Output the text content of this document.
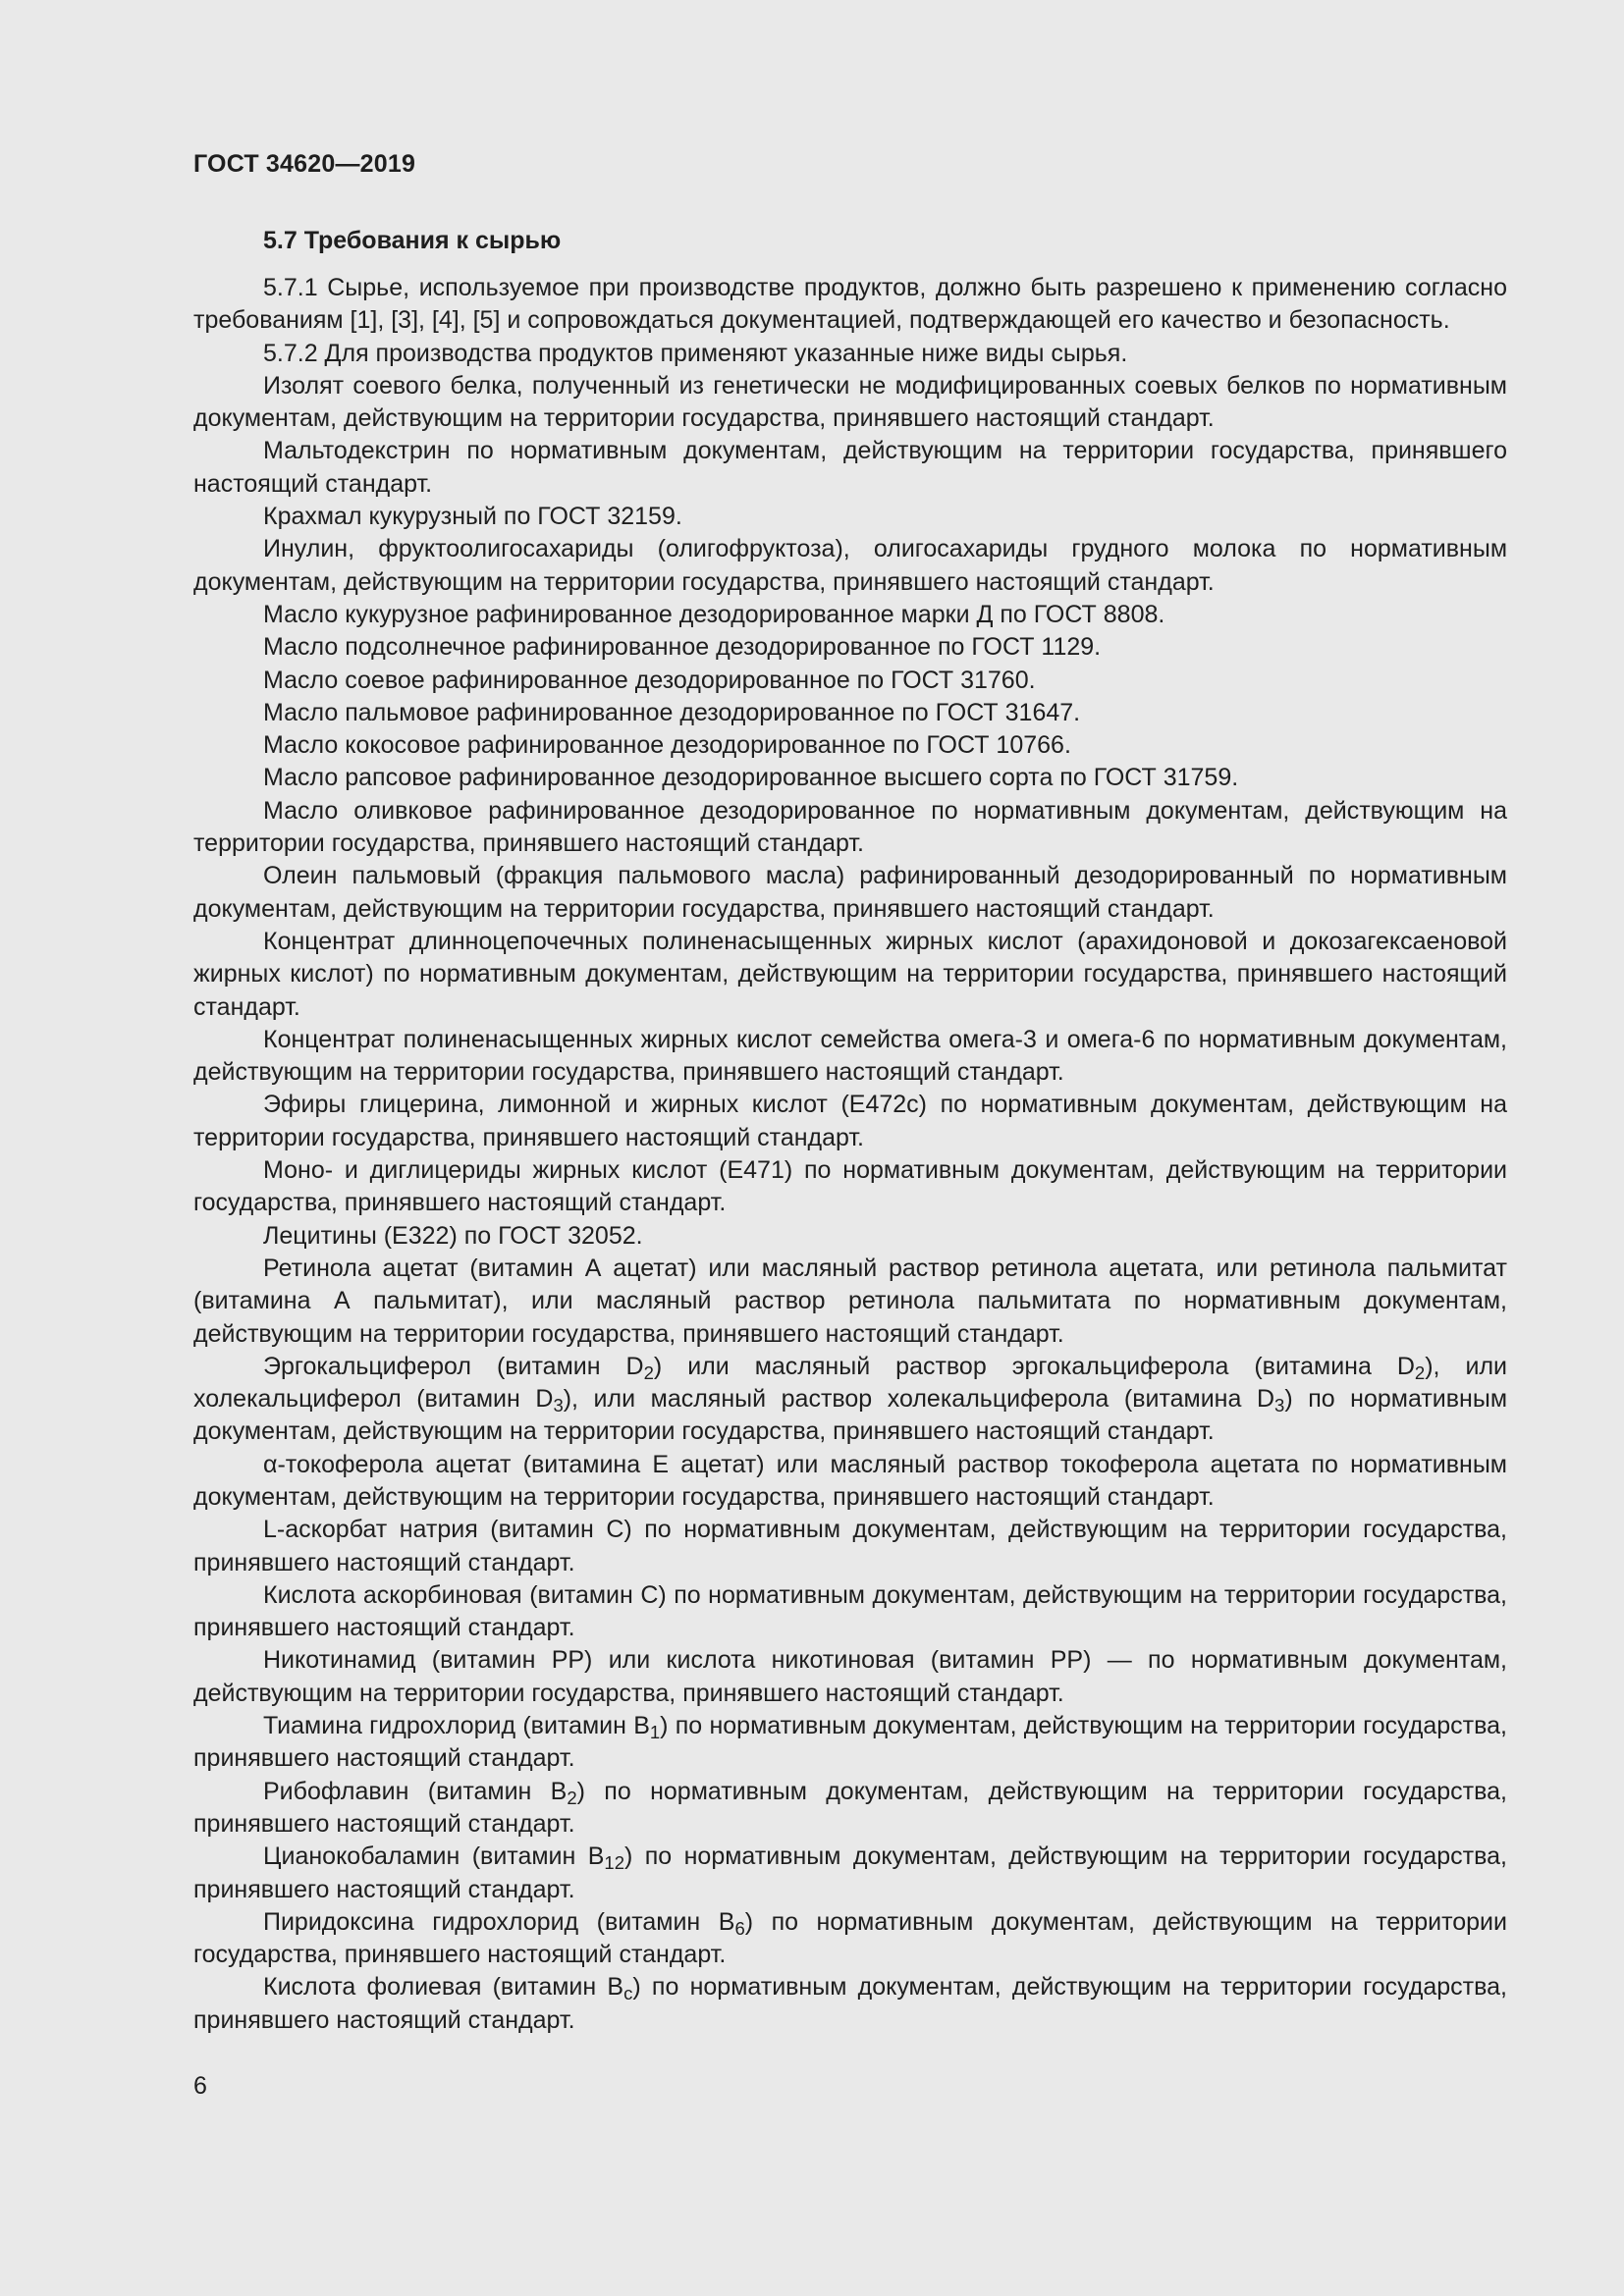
ГОСТ 34620—2019
5.7 Требования к сырью

5.7.1 Сырье, используемое при производстве продуктов, должно быть разрешено к применению согласно требованиям [1], [3], [4], [5] и сопровождаться документацией, подтверждающей его качество и безопасность.

5.7.2 Для производства продуктов применяют указанные ниже виды сырья.

Изолят соевого белка, полученный из генетически не модифицированных соевых белков по нормативным документам, действующим на территории государства, принявшего настоящий стандарт.

Мальтодекстрин по нормативным документам, действующим на территории государства, принявшего настоящий стандарт.

Крахмал кукурузный по ГОСТ 32159.

Инулин, фруктоолигосахариды (олигофруктоза), олигосахариды грудного молока по нормативным документам, действующим на территории государства, принявшего настоящий стандарт.

Масло кукурузное рафинированное дезодорированное марки Д по ГОСТ 8808.

Масло подсолнечное рафинированное дезодорированное по ГОСТ 1129.

Масло соевое рафинированное дезодорированное по ГОСТ 31760.

Масло пальмовое рафинированное дезодорированное по ГОСТ 31647.

Масло кокосовое рафинированное дезодорированное по ГОСТ 10766.

Масло рапсовое рафинированное дезодорированное высшего сорта по ГОСТ 31759.

Масло оливковое рафинированное дезодорированное по нормативным документам, действующим на территории государства, принявшего настоящий стандарт.

Олеин пальмовый (фракция пальмового масла) рафинированный дезодорированный по нормативным документам, действующим на территории государства, принявшего настоящий стандарт.

Концентрат длинноцепочечных полиненасыщенных жирных кислот (арахидоновой и докозагексаеновой жирных кислот) по нормативным документам, действующим на территории государства, принявшего настоящий стандарт.

Концентрат полиненасыщенных жирных кислот семейства омега-3 и омега-6 по нормативным документам, действующим на территории государства, принявшего настоящий стандарт.

Эфиры глицерина, лимонной и жирных кислот (Е472с) по нормативным документам, действующим на территории государства, принявшего настоящий стандарт.

Моно- и диглицериды жирных кислот (Е471) по нормативным документам, действующим на территории государства, принявшего настоящий стандарт.

Лецитины (Е322) по ГОСТ 32052.

Ретинола ацетат (витамин А ацетат) или масляный раствор ретинола ацетата, или ретинола пальмитат (витамина А пальмитат), или масляный раствор ретинола пальмитата по нормативным документам, действующим на территории государства, принявшего настоящий стандарт.

Эргокальциферол (витамин $D_2$) или масляный раствор эргокальциферола (витамина $D_2$), или холекальциферол (витамин $D_3$), или масляный раствор холекальциферола (витамина $D_3$) по нормативным документам, действующим на территории государства, принявшего настоящий стандарт.

α-токоферола ацетат (витамина Е ацетат) или масляный раствор токоферола ацетата по нормативным документам, действующим на территории государства, принявшего настоящий стандарт.

L-аскорбат натрия (витамин С) по нормативным документам, действующим на территории государства, принявшего настоящий стандарт.

Кислота аскорбиновая (витамин С) по нормативным документам, действующим на территории государства, принявшего настоящий стандарт.

Никотинамид (витамин РР) или кислота никотиновая (витамин РР) — по нормативным документам, действующим на территории государства, принявшего настоящий стандарт.

Тиамина гидрохлорид (витамин $В_1$) по нормативным документам, действующим на территории государства, принявшего настоящий стандарт.

Рибофлавин (витамин $В_2$) по нормативным документам, действующим на территории государства, принявшего настоящий стандарт.

Цианокобаламин (витамин $В_{12}$) по нормативным документам, действующим на территории государства, принявшего настоящий стандарт.

Пиридоксина гидрохлорид (витамин $В_6$) по нормативным документам, действующим на территории государства, принявшего настоящий стандарт.

Кислота фолиевая (витамин $В_c$) по нормативным документам, действующим на территории государства, принявшего настоящий стандарт.

6
